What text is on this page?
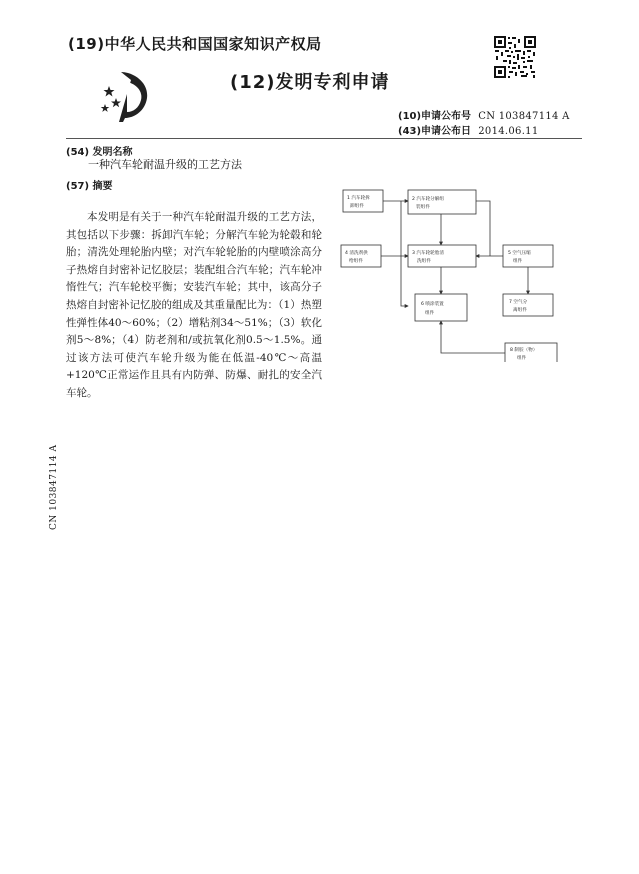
(19)中华人民共和国国家知识产权局
(12)发明专利申请
(10)申请公布号 CN 103847114 A
(43)申请公布日 2014.06.11
(54) 发明名称
一种汽车轮耐温升级的工艺方法
(57) 摘要

本发明是有关于一种汽车轮耐温升级的工艺方法，其包括以下步骤：拆卸汽车轮；分解汽车轮为轮毂和轮胎；清洗处理轮胎内壁；对汽车轮轮胎的内壁喷涂高分子热熔自封密补记忆胶层；装配组合汽车轮；汽车轮冲惰性气；汽车轮校平衡；安装汽车轮；其中，该高分子热熔自封密补记忆胶的组成及其重量配比为：（1）热塑性弹性体40～60%；（2）增粘剂34～51%；（3）软化剂5～8%；（4）防老剂和/或抗氧化剂0.5～1.5%。通过该方法可使汽车轮升级为能在低温-40℃～高温+120℃正常运作且具有内防弹、防爆、耐扎的安全汽车轮。

CN 103847114 A
1 汽车轮拆
卸组件
2 汽车轮分解组
装组件
4 清洗剂供
给组件
3 汽车轮轮胎清
洗组件
5 空气压缩
组件
6 喷涂装置
组件
7 空气分
离组件
8 制胶（物）
组件
